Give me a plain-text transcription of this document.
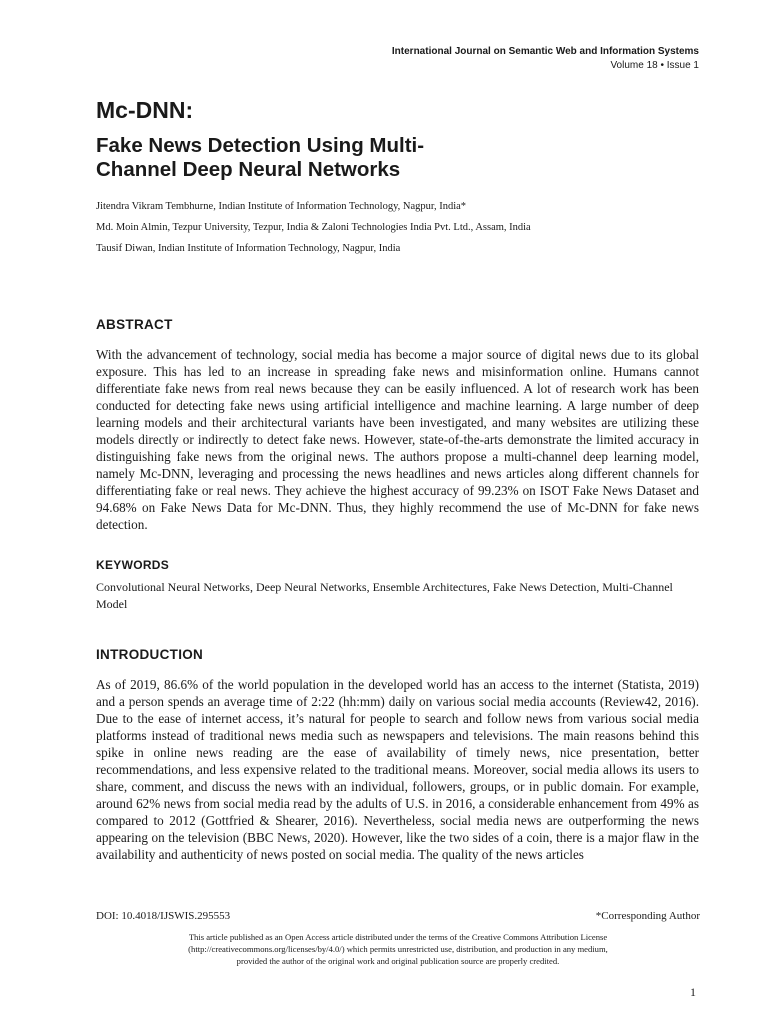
International Journal on Semantic Web and Information Systems
Volume 18 • Issue 1
Mc-DNN:
Fake News Detection Using Multi-
Channel Deep Neural Networks
Jitendra Vikram Tembhurne, Indian Institute of Information Technology, Nagpur, India*
Md. Moin Almin, Tezpur University, Tezpur, India & Zaloni Technologies India Pvt. Ltd., Assam, India
Tausif Diwan, Indian Institute of Information Technology, Nagpur, India
ABSTRACT

With the advancement of technology, social media has become a major source of digital news due to its global exposure. This has led to an increase in spreading fake news and misinformation online. Humans cannot differentiate fake news from real news because they can be easily influenced. A lot of research work has been conducted for detecting fake news using artificial intelligence and machine learning. A large number of deep learning models and their architectural variants have been investigated, and many websites are utilizing these models directly or indirectly to detect fake news. However, state-of-the-arts demonstrate the limited accuracy in distinguishing fake news from the original news. The authors propose a multi-channel deep learning model, namely Mc-DNN, leveraging and processing the news headlines and news articles along different channels for differentiating fake or real news. They achieve the highest accuracy of 99.23% on ISOT Fake News Dataset and 94.68% on Fake News Data for Mc-DNN. Thus, they highly recommend the use of Mc-DNN for fake news detection.

KEYWORDS

Convolutional Neural Networks, Deep Neural Networks, Ensemble Architectures, Fake News Detection, Multi-Channel Model

INTRODUCTION

As of 2019, 86.6% of the world population in the developed world has an access to the internet (Statista, 2019) and a person spends an average time of 2:22 (hh:mm) daily on various social media accounts (Review42, 2016). Due to the ease of internet access, it’s natural for people to search and follow news from various social media platforms instead of traditional news media such as newspapers and televisions. The main reasons behind this spike in online news reading are the ease of availability of timely news, nice presentation, better recommendations, and less expensive related to the traditional means. Moreover, social media allows its users to share, comment, and discuss the news with an individual, followers, groups, or in public domain. For example, around 62% news from social media read by the adults of U.S. in 2016, a considerable enhancement from 49% as compared to 2012 (Gottfried & Shearer, 2016). Nevertheless, social media news are outperforming the news appearing on the television (BBC News, 2020). However, like the two sides of a coin, there is a major flaw in the availability and authenticity of news posted on social media. The quality of the news articles

DOI: 10.4018/IJSWIS.295553	*Corresponding Author
This article published as an Open Access article distributed under the terms of the Creative Commons Attribution License
(http://creativecommons.org/licenses/by/4.0/) which permits unrestricted use, distribution, and production in any medium,
provided the author of the original work and original publication source are properly credited.
1
